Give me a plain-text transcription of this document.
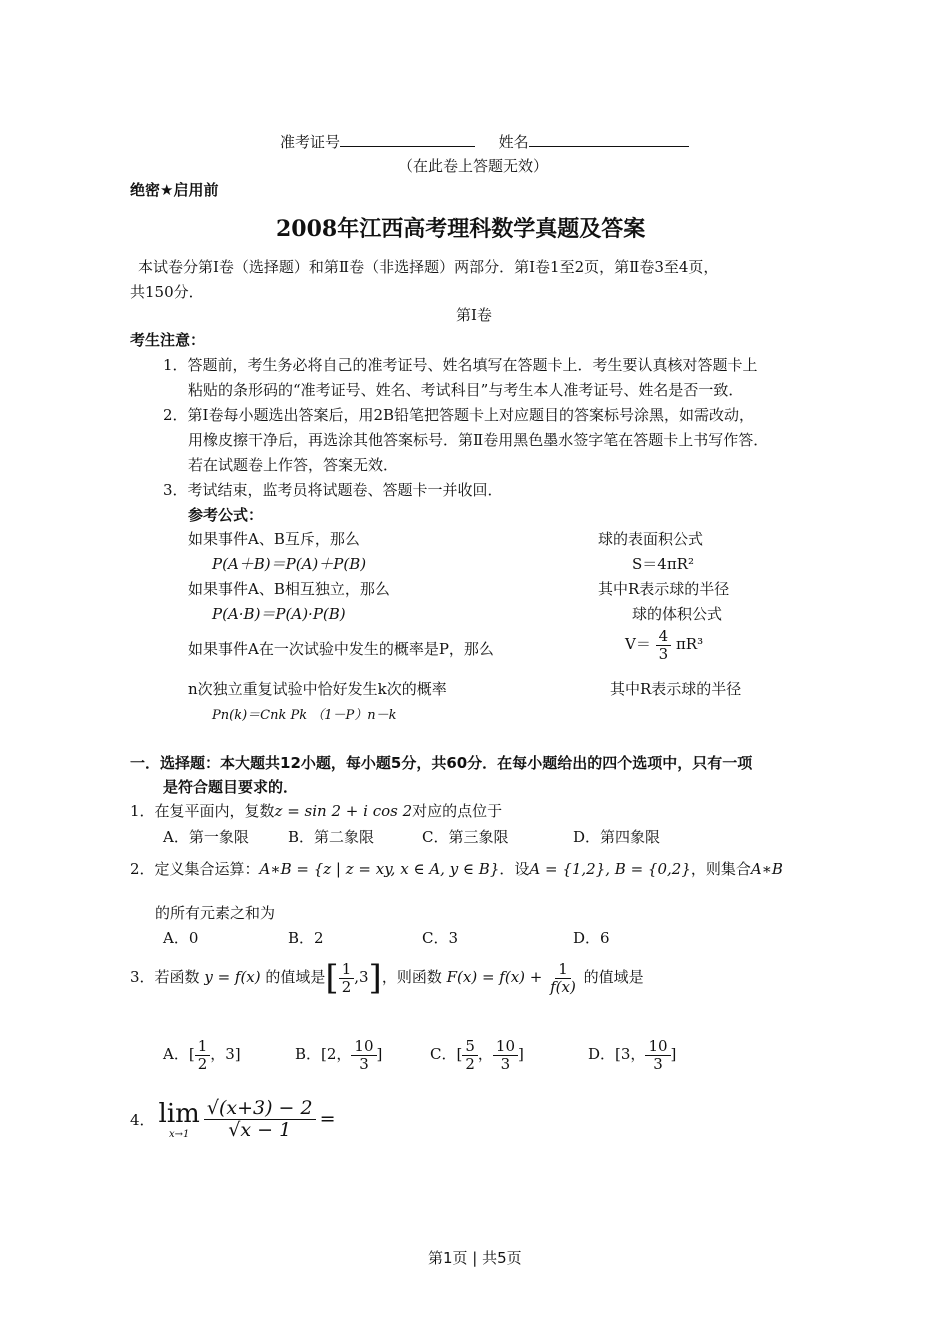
准考证号	姓名
（在此卷上答题无效）
绝密★启用前
2008年江西高考理科数学真题及答案
本试卷分第Ⅰ卷（选择题）和第Ⅱ卷（非选择题）两部分．第Ⅰ卷1至2页，第Ⅱ卷3至4页，
共150分．
第Ⅰ卷
考生注意：
1．答题前，考生务必将自己的准考证号、姓名填写在答题卡上．考生要认真核对答题卡上
粘贴的条形码的“准考证号、姓名、考试科目”与考生本人准考证号、姓名是否一致．
2．第Ⅰ卷每小题选出答案后，用2B铅笔把答题卡上对应题目的答案标号涂黑，如需改动，
用橡皮擦干净后，再选涂其他答案标号．第Ⅱ卷用黑色墨水签字笔在答题卡上书写作答．
若在试题卷上作答，答案无效．
3．考试结束，监考员将试题卷、答题卡一并收回．
参考公式：
如果事件A、B互斥，那么
P(A＋B)＝P(A)＋P(B)
如果事件A、B相互独立，那么
P(A·B)＝P(A)·P(B)
如果事件A在一次试验中发生的概率是P，那么
n次独立重复试验中恰好发生k次的概率
Pn(k)＝Cnk Pk （1－P）n－k
球的表面积公式
S＝4πR²
其中R表示球的半径
球的体积公式
$V= \frac{4}{3} \pi R^3$
其中R表示球的半径
一．选择题：本大题共12小题，每小题5分，共60分．在每小题给出的四个选项中，只有一项
是符合题目要求的．
1．在复平面内，复数z = sin 2 + i cos 2对应的点位于
A．第一象限	B．第二象限	C．第三象限	D．第四象限
2．定义集合运算：A∗B = {z | z = xy, x ∈ A, y ∈ B}．设A = {1,2}, B = {0,2}，则集合A∗B
的所有元素之和为
A．0	B．2	C．3	D．6
3．若函数 y = f(x) 的值域是[ $\frac{1}{2} ,3$]，则函数 $F(x) = f(x) + \frac{1}{f(x)}$ 的值域是
A．[ $\frac{1}{2}$ ，3]	B．[2， $\frac{10}{3}$ ]	C．[ $\frac{5}{2}$ ， $\frac{10}{3}$ ]	D．[3， $\frac{10}{3}$ ]
4． lim
$x\to 1 \frac{√(x+3) - 2}{√x - 1}$ =
第1页 | 共5页
